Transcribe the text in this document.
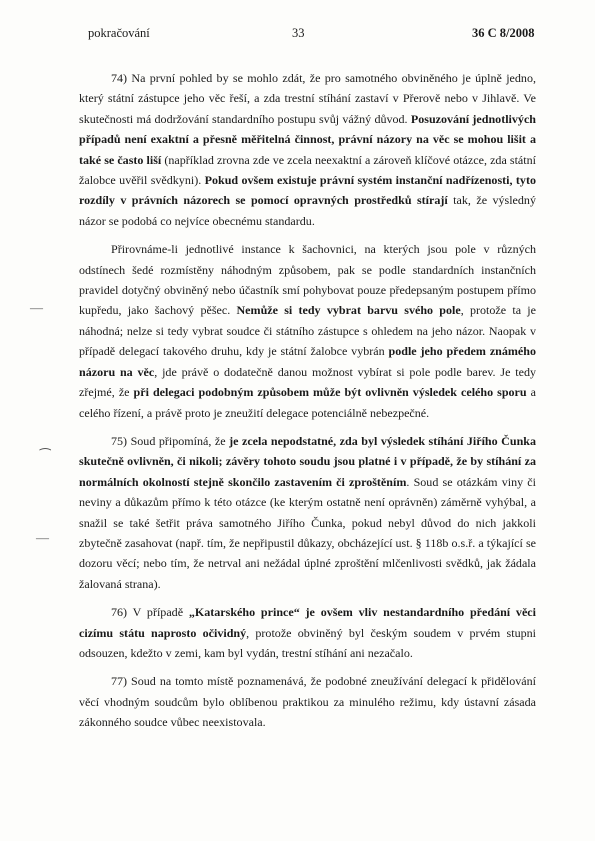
pokračování	33	36 C 8/2008
—
⁀
—

74) Na první pohled by se mohlo zdát, že pro samotného obviněného je úplně jedno, který státní zástupce jeho věc řeší, a zda trestní stíhání zastaví v Přerově nebo v Jihlavě. Ve skutečnosti má dodržování standardního postupu svůj vážný důvod. Posuzování jednotlivých případů není exaktní a přesně měřitelná činnost, právní názory na věc se mohou lišit a také se často liší (například zrovna zde ve zcela neexaktní a zároveň klíčové otázce, zda státní žalobce uvěřil svědkyni). Pokud ovšem existuje právní systém instanční nadřízenosti, tyto rozdíly v právních názorech se pomocí opravných prostředků stírají tak, že výsledný názor se podobá co nejvíce obecnému standardu.

Přirovnáme-li jednotlivé instance k šachovnici, na kterých jsou pole v různých odstínech šedé rozmístěny náhodným způsobem, pak se podle standardních instančních pravidel dotyčný obviněný nebo účastník smí pohybovat pouze předepsaným postupem přímo kupředu, jako šachový pěšec. Nemůže si tedy vybrat barvu svého pole, protože ta je náhodná; nelze si tedy vybrat soudce či státního zástupce s ohledem na jeho názor. Naopak v případě delegací takového druhu, kdy je státní žalobce vybrán podle jeho předem známého názoru na věc, jde právě o dodatečně danou možnost vybírat si pole podle barev. Je tedy zřejmé, že při delegaci podobným způsobem může být ovlivněn výsledek celého sporu a celého řízení, a právě proto je zneužití delegace potenciálně nebezpečné.

75) Soud připomíná, že je zcela nepodstatné, zda byl výsledek stíhání Jiřího Čunka skutečně ovlivněn, či nikoli; závěry tohoto soudu jsou platné i v případě, že by stíhání za normálních okolností stejně skončilo zastavením či zproštěním. Soud se otázkám viny či neviny a důkazům přímo k této otázce (ke kterým ostatně není oprávněn) záměrně vyhýbal, a snažil se také šetřit práva samotného Jiřího Čunka, pokud nebyl důvod do nich jakkoli zbytečně zasahovat (např. tím, že nepřipustil důkazy, obcházející ust. § 118b o.s.ř. a týkající se dozoru věcí; nebo tím, že netrval ani nežádal úplné zproštění mlčenlivosti svědků, jak žádala žalovaná strana).

76) V případě „Katarského prince“ je ovšem vliv nestandardního předání věci cizímu státu naprosto očividný, protože obviněný byl českým soudem v prvém stupni odsouzen, kdežto v zemi, kam byl vydán, trestní stíhání ani nezačalo.

77) Soud na tomto místě poznamenává, že podobné zneužívání delegací k přidělování věcí vhodným soudcům bylo oblíbenou praktikou za minulého režimu, kdy ústavní zásada zákonného soudce vůbec neexistovala.
